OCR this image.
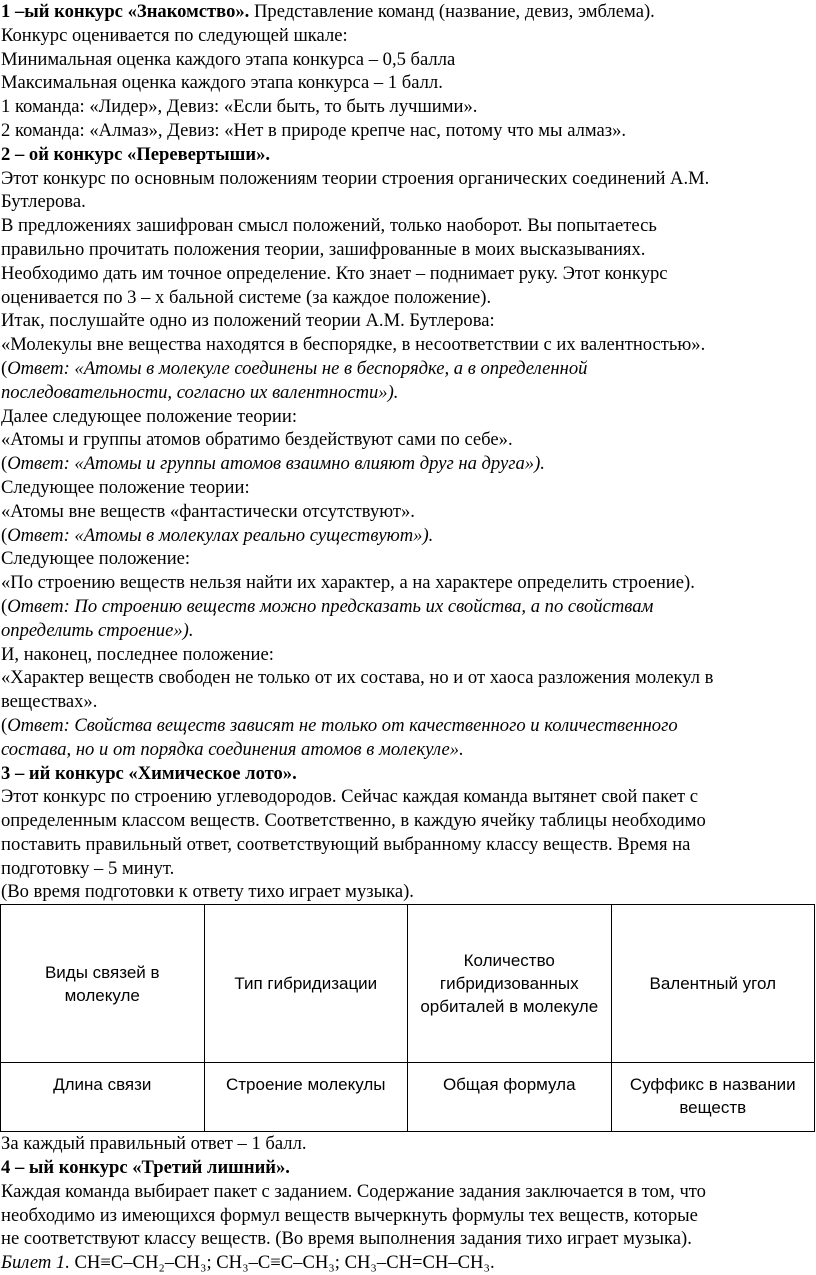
1 –ый конкурс «Знакомство». Представление команд (название, девиз, эмблема).
Конкурс оценивается по следующей шкале:
Минимальная оценка каждого этапа конкурса – 0,5 балла
Максимальная оценка каждого этапа конкурса – 1 балл.
1 команда: «Лидер», Девиз: «Если быть, то быть лучшими».
2 команда: «Алмаз», Девиз: «Нет в природе крепче нас, потому что мы алмаз».
2 – ой конкурс «Перевертыши».
Этот конкурс по основным положениям теории строения органических соединений А.М.
Бутлерова.
В предложениях зашифрован смысл положений, только наоборот. Вы попытаетесь
правильно прочитать положения теории, зашифрованные в моих высказываниях.
Необходимо дать им точное определение. Кто знает – поднимает руку. Этот конкурс
оценивается по 3 – х бальной системе (за каждое положение).
Итак, послушайте одно из положений теории А.М. Бутлерова:
«Молекулы вне вещества находятся в беспорядке, в несоответствии с их валентностью».
(Ответ: «Атомы в молекуле соединены не в беспорядке, а в определенной
последовательности, согласно их валентности»).
Далее следующее положение теории:
«Атомы и группы атомов обратимо бездействуют сами по себе».
(Ответ: «Атомы и группы атомов взаимно влияют друг на друга»).
Следующее положение теории:
«Атомы вне веществ «фантастически отсутствуют».
(Ответ: «Атомы в молекулах реально существуют»).
Следующее положение:
«По строению веществ нельзя найти их характер, а на характере определить строение).
(Ответ: По строению веществ можно предсказать их свойства, а по свойствам
определить строение»).
И, наконец, последнее положение:
«Характер веществ свободен не только от их состава, но и от хаоса разложения молекул в
веществах».
(Ответ: Свойства веществ зависят не только от качественного и количественного
состава, но и от порядка соединения атомов в молекуле».
3 – ий конкурс «Химическое лото».
Этот конкурс по строению углеводородов. Сейчас каждая команда вытянет свой пакет с
определенным классом веществ. Соответственно, в каждую ячейку таблицы необходимо
поставить правильный ответ, соответствующий выбранному классу веществ. Время на
подготовку – 5 минут.
(Во время подготовки к ответу тихо играет музыка).
Виды связей в молекуле	Тип гибридизации	Количество гибридизованных орбиталей в молекуле	Валентный угол
Длина связи	Строение молекулы	Общая формула	Суффикс в названии веществ
За каждый правильный ответ – 1 балл.
4 – ый конкурс «Третий лишний».
Каждая команда выбирает пакет с заданием. Содержание задания заключается в том, что
необходимо из имеющихся формул веществ вычеркнуть формулы тех веществ, которые
не соответствуют классу веществ. (Во время выполнения задания тихо играет музыка).
Билет 1. CH≡C–CH₂–CH₃; CH₃–C≡C–CH₃; CH₃–CH=CH–CH₃.
